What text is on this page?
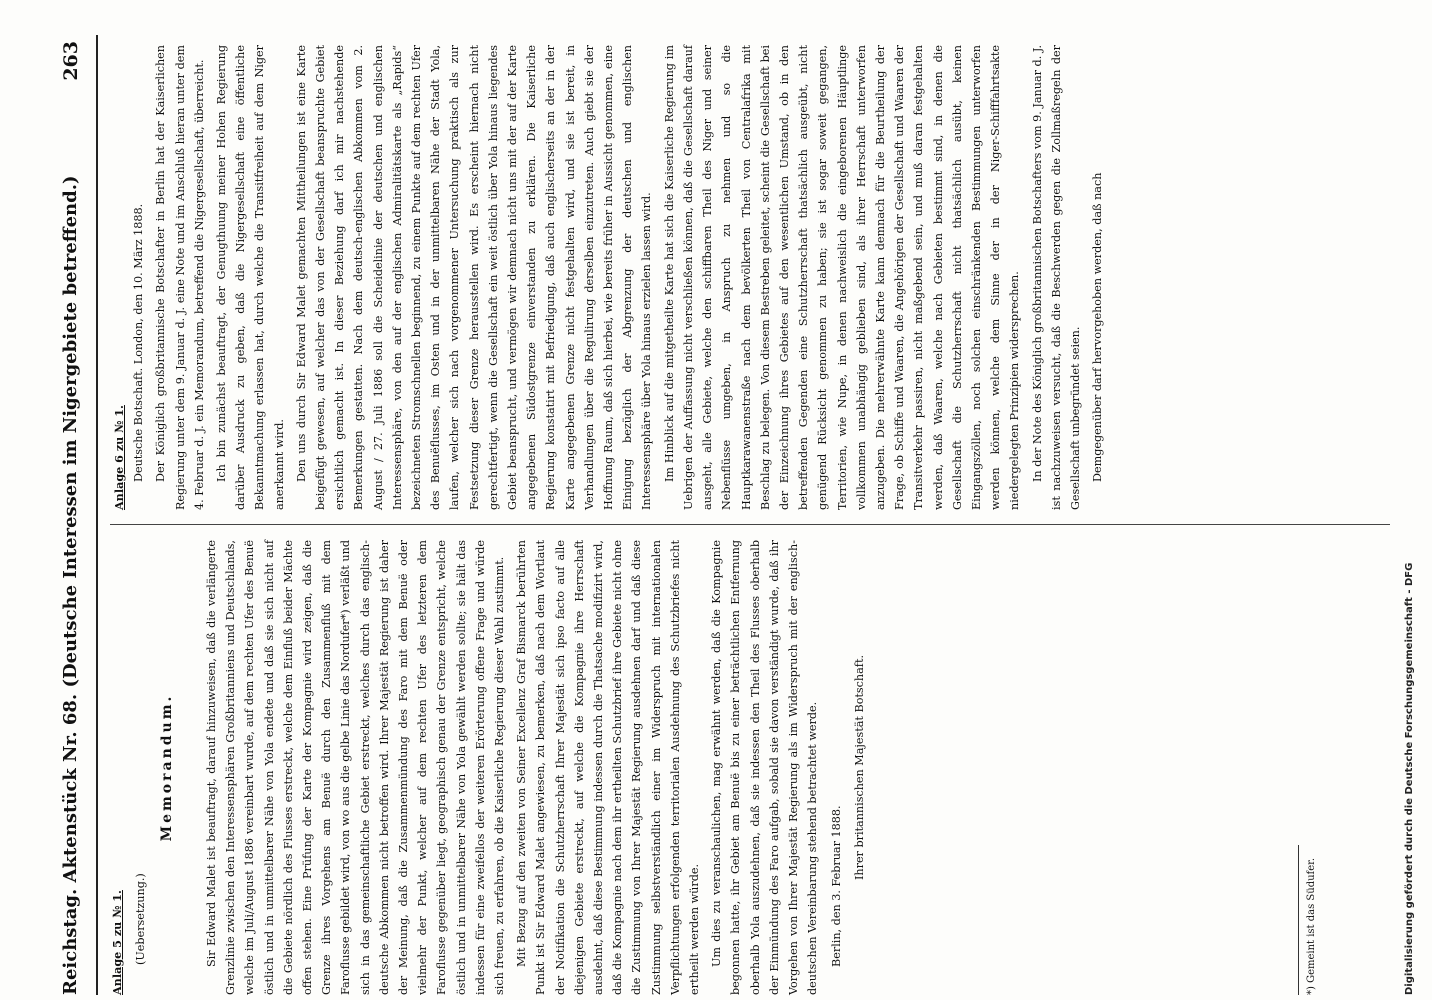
Reichstag. Aktenstück Nr. 68. (Deutsche Interessen im Nigergebiete betreffend.)
263
Anlage 5 zu № 1. (Uebersetzung.)
Memorandum.	Sir Edward Malet ist beauftragt, darauf hinzuweisen, daß die verlängerte Grenzlinie zwischen den Interessensphären Großbritanniens und Deutschlands, welche im Juli/August 1886 vereinbart wurde, auf dem rechten Ufer des Benuë östlich und in unmittelbarer Nähe von Yola endete und daß sie sich nicht auf die Gebiete nördlich des Flusses erstreckt, welche dem Einfluß beider Mächte offen stehen. Eine Prüfung der Karte der Kompagnie wird zeigen, daß die Grenze ihres Vorgehens am Benuë durch den Zusammenfluß mit dem Faroflusse gebildet wird, von wo aus die gelbe Linie das Nordufer*) verläßt und sich in das gemeinschaftliche Gebiet erstreckt, welches durch das englisch-deutsche Abkommen nicht betroffen wird. Ihrer Majestät Regierung ist daher der Meinung, daß die Zusammenmündung des Faro mit dem Benuë oder vielmehr der Punkt, welcher auf dem rechten Ufer des letzteren dem Faroflusse gegenüber liegt, geographisch genau der Grenze entspricht, welche östlich und in unmittelbarer Nähe von Yola gewählt werden sollte; sie hält das indessen für eine zweifellos der weiteren Erörterung offene Frage und würde sich freuen, zu erfahren, ob die Kaiserliche Regierung dieser Wahl zustimmt. Mit Bezug auf den zweiten von Seiner Excellenz Graf Bismarck berührten Punkt ist Sir Edward Malet angewiesen, zu bemerken, daß nach dem Wortlaut der Notifikation die Schutzherrschaft Ihrer Majestät sich ipso facto auf alle diejenigen Gebiete erstreckt, auf welche die Kompagnie ihre Herrschaft ausdehnt, daß diese Bestimmung indessen durch die Thatsache modifizirt wird, daß die Kompagnie nach dem ihr ertheilten Schutzbrief ihre Gebiete nicht ohne die Zustimmung von Ihrer Majestät Regierung ausdehnen darf und daß diese Zustimmung selbstverständlich einer im Widerspruch mit internationalen Verpflichtungen erfolgenden territorialen Ausdehnung des Schutzbriefes nicht ertheilt werden würde. Um dies zu veranschaulichen, mag erwähnt werden, daß die Kompagnie begonnen hatte, ihr Gebiet am Benuë bis zu einer beträchtlichen Entfernung oberhalb Yola auszudehnen, daß sie indessen den Theil des Flusses oberhalb der Einmündung des Faro aufgab, sobald sie davon verständigt wurde, daß ihr Vorgehen von Ihrer Majestät Regierung als im Widerspruch mit der englisch-deutschen Vereinbarung stehend betrachtet werde. Berlin, den 3. Februar 1888.

Ihrer britannischen Majestät Botschaft.

*) Gemeint ist das Südufer.
Anlage 6 zu № 1. Deutsche Botschaft. London, den 10. März 1888. Der Königlich großbritannische Botschafter in Berlin hat der Kaiserlichen Regierung unter dem 9. Januar d. J. eine Note und im Anschluß hieran unter dem 4. Februar d. J. ein Memorandum, betreffend die Nigergesellschaft, überreicht. Ich bin zunächst beauftragt, der Genugthuung meiner Hohen Regierung darüber Ausdruck zu geben, daß die Nigergesellschaft eine öffentliche Bekanntmachung erlassen hat, durch welche die Transitfreiheit auf dem Niger anerkannt wird. Den uns durch Sir Edward Malet gemachten Mittheilungen ist eine Karte beigefügt gewesen, auf welcher das von der Gesellschaft beanspruchte Gebiet ersichtlich gemacht ist. In dieser Beziehung darf ich mir nachstehende Bemerkungen gestatten. Nach dem deutsch-englischen Abkommen vom 2. August / 27. Juli 1886 soll die Scheidelinie der deutschen und englischen Interessensphäre, von den auf der englischen Admiralitätskarte als „Rapids“ bezeichneten Stromschnellen beginnend, zu einem Punkte auf dem rechten Ufer des Benuëflusses, im Osten und in der unmittelbaren Nähe der Stadt Yola, laufen, welcher sich nach vorgenommener Untersuchung praktisch als zur Festsetzung dieser Grenze herausstellen wird. Es erscheint hiernach nicht gerechtfertigt, wenn die Gesellschaft ein weit östlich über Yola hinaus liegendes Gebiet beansprucht, und vermögen wir demnach nicht uns mit der auf der Karte angegebenen Südostgrenze einverstanden zu erklären. Die Kaiserliche Regierung konstatirt mit Befriedigung, daß auch englischerseits an der in der Karte angegebenen Grenze nicht festgehalten wird, und sie ist bereit, in Verhandlungen über die Regulirung derselben einzutreten. Auch giebt sie der Hoffnung Raum, daß sich hierbei, wie bereits früher in Aussicht genommen, eine Einigung bezüglich der Abgrenzung der deutschen und englischen Interessensphäre über Yola hinaus erzielen lassen wird. Im Hinblick auf die mitgetheilte Karte hat sich die Kaiserliche Regierung im Uebrigen der Auffassung nicht verschließen können, daß die Gesellschaft darauf ausgeht, alle Gebiete, welche den schiffbaren Theil des Niger und seiner Nebenflüsse umgeben, in Anspruch zu nehmen und so die Hauptkarawanenstraße nach dem bevölkerten Theil von Centralafrika mit Beschlag zu belegen. Von diesem Bestreben geleitet, scheint die Gesellschaft bei der Einzeichnung ihres Gebietes auf den wesentlichen Umstand, ob in den betreffenden Gegenden eine Schutzherrschaft thatsächlich ausgeübt, nicht genügend Rücksicht genommen zu haben; sie ist sogar soweit gegangen, Territorien, wie Nupe, in denen nachweislich die eingeborenen Häuptlinge vollkommen unabhängig geblieben sind, als ihrer Herrschaft unterworfen anzugeben. Die mehrerwähnte Karte kann demnach für die Beurtheilung der Frage, ob Schiffe und Waaren, die Angehörigen der Gesellschaft und Waaren der Transitverkehr passiren, nicht maßgebend sein, und muß daran festgehalten werden, daß Waaren, welche nach Gebieten bestimmt sind, in denen die Gesellschaft die Schutzherrschaft nicht thatsächlich ausübt, keinen Eingangszöllen, noch solchen einschränkenden Bestimmungen unterworfen werden können, welche dem Sinne der in der Niger-Schifffahrtsakte niedergelegten Prinzipien widersprechen. In der Note des Königlich großbritannischen Botschafters vom 9. Januar d. J. ist nachzuweisen versucht, daß die Beschwerden gegen die Zollmaßregeln der Gesellschaft unbegründet seien. Demgegenüber darf hervorgehoben werden, daß nach

Digitalisierung gefördert durch die Deutsche Forschungsgemeinschaft - DFG
